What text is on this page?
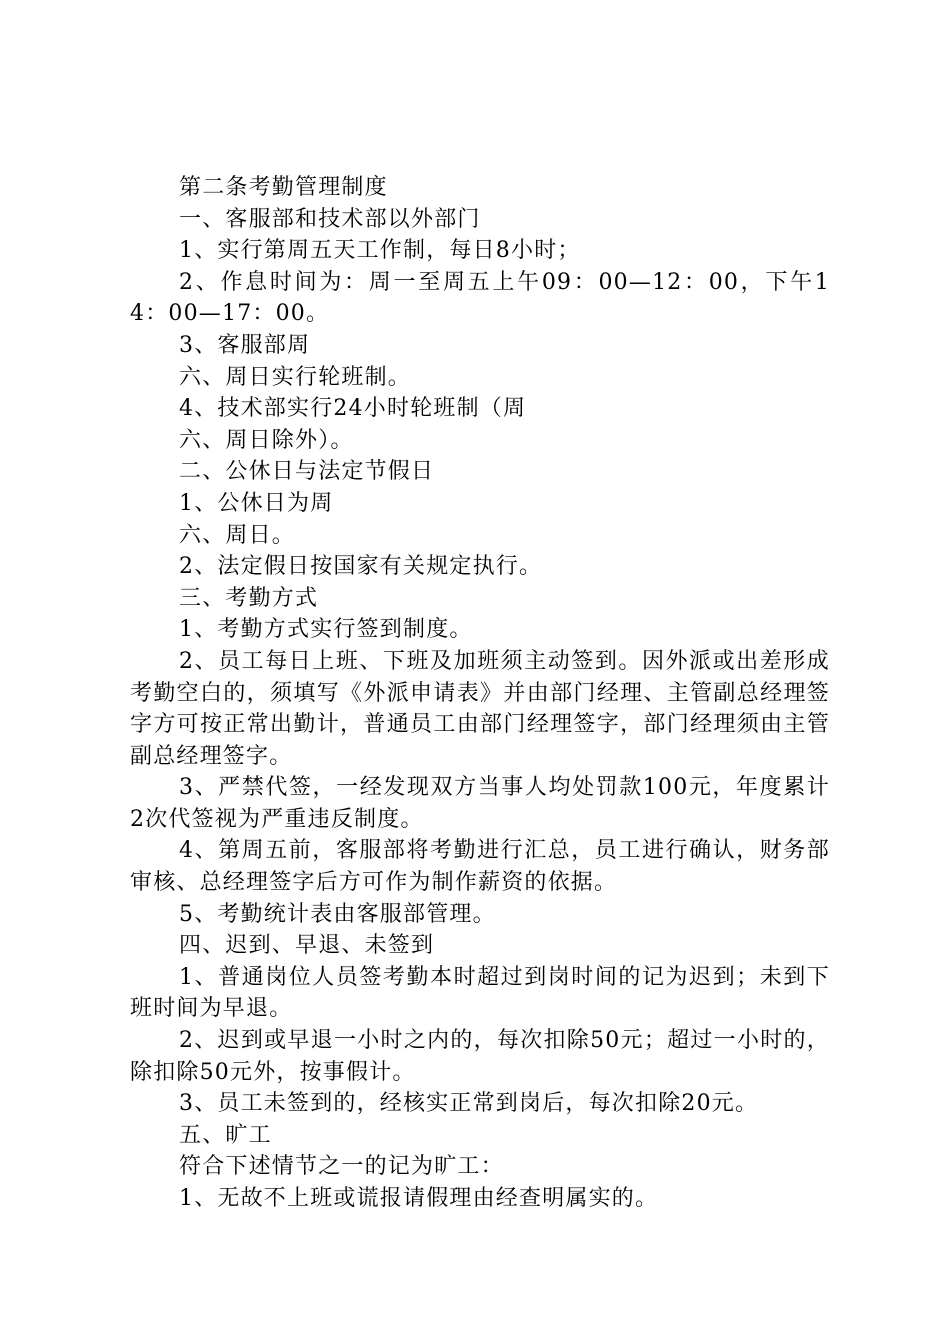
第二条考勤管理制度

一、客服部和技术部以外部门

1、实行第周五天工作制，每日8小时；

2、作息时间为：周一至周五上午09：00—12：00，下午14：00—17：00。

3、客服部周

六、周日实行轮班制。

4、技术部实行24小时轮班制（周

六、周日除外）。

二、公休日与法定节假日

1、公休日为周

六、周日。

2、法定假日按国家有关规定执行。

三、考勤方式

1、考勤方式实行签到制度。

2、员工每日上班、下班及加班须主动签到。因外派或出差形成考勤空白的，须填写《外派申请表》并由部门经理、主管副总经理签字方可按正常出勤计，普通员工由部门经理签字，部门经理须由主管副总经理签字。

3、严禁代签，一经发现双方当事人均处罚款100元，年度累计2次代签视为严重违反制度。

4、第周五前，客服部将考勤进行汇总，员工进行确认，财务部审核、总经理签字后方可作为制作薪资的依据。

5、考勤统计表由客服部管理。

四、迟到、早退、未签到

1、普通岗位人员签考勤本时超过到岗时间的记为迟到；未到下班时间为早退。

2、迟到或早退一小时之内的，每次扣除50元；超过一小时的，除扣除50元外，按事假计。

3、员工未签到的，经核实正常到岗后，每次扣除20元。

五、旷工

符合下述情节之一的记为旷工：

1、无故不上班或谎报请假理由经查明属实的。
